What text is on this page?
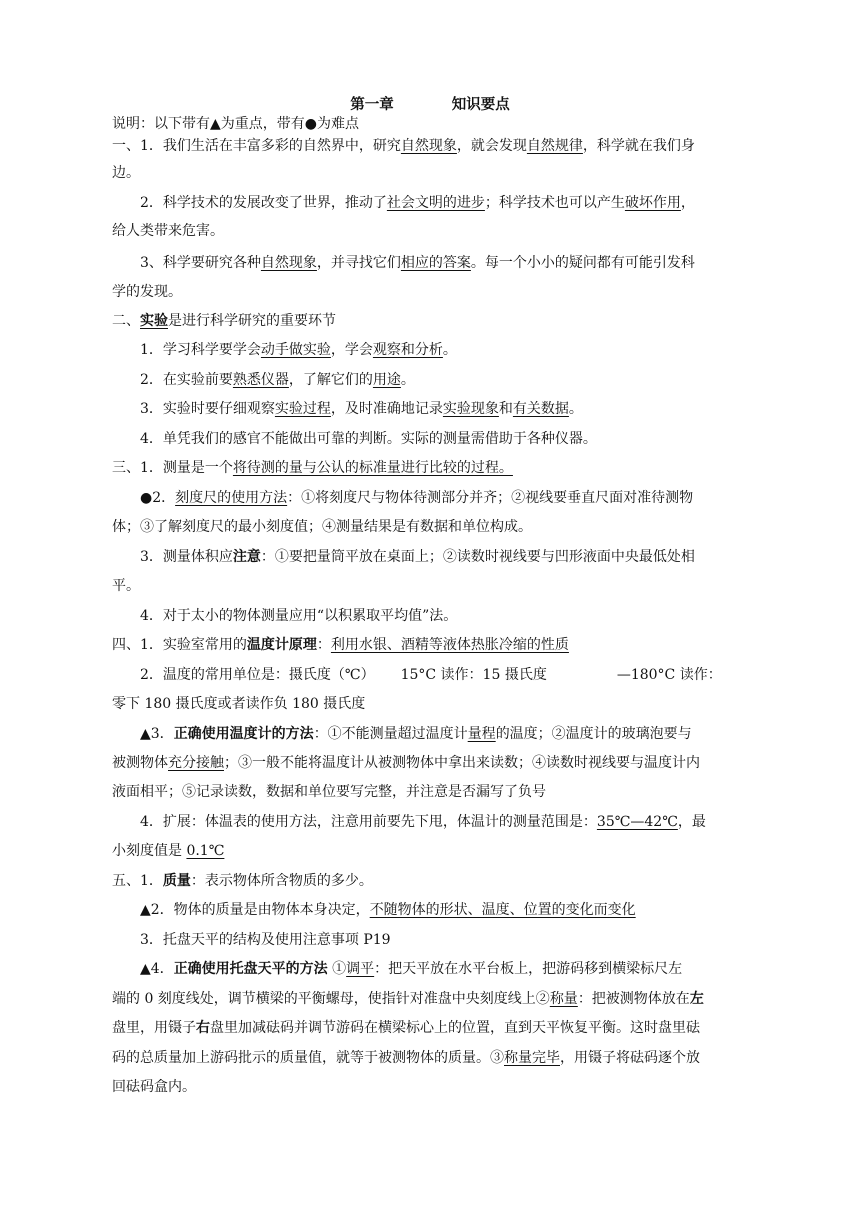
第一章	知识要点
说明：以下带有▲为重点，带有●为难点
一、1．我们生活在丰富多彩的自然界中，研究自然现象，就会发现自然规律，科学就在我们身
边。
2．科学技术的发展改变了世界，推动了社会文明的进步；科学技术也可以产生破坏作用，
给人类带来危害。
3、科学要研究各种自然现象，并寻找它们相应的答案。每一个小小的疑问都有可能引发科
学的发现。
二、实验是进行科学研究的重要环节
1．学习科学要学会动手做实验，学会观察和分析。
2．在实验前要熟悉仪器，了解它们的用途。
3．实验时要仔细观察实验过程，及时准确地记录实验现象和有关数据。
4．单凭我们的感官不能做出可靠的判断。实际的测量需借助于各种仪器。
三、1．测量是一个将待测的量与公认的标准量进行比较的过程。
●2．刻度尺的使用方法：①将刻度尺与物体待测部分并齐；②视线要垂直尺面对准待测物
体；③了解刻度尺的最小刻度值；④测量结果是有数据和单位构成。
3．测量体积应注意：①要把量筒平放在桌面上；②读数时视线要与凹形液面中央最低处相
平。
4．对于太小的物体测量应用“以积累取平均值”法。
四、1．实验室常用的温度计原理：利用水银、酒精等液体热胀冷缩的性质
2．温度的常用单位是：摄氏度（℃） 15°C 读作：15 摄氏度	—180°C 读作：
零下 180 摄氏度或者读作负 180 摄氏度
▲3．正确使用温度计的方法：①不能测量超过温度计量程的温度；②温度计的玻璃泡要与
被测物体充分接触；③一般不能将温度计从被测物体中拿出来读数；④读数时视线要与温度计内
液面相平；⑤记录读数，数据和单位要写完整，并注意是否漏写了负号
4．扩展：体温表的使用方法，注意用前要先下甩，体温计的测量范围是：35℃—42℃，最
小刻度值是 0.1℃
五、1．质量：表示物体所含物质的多少。
▲2．物体的质量是由物体本身决定，不随物体的形状、温度、位置的变化而变化
3．托盘天平的结构及使用注意事项 P19
▲4．正确使用托盘天平的方法 ①调平：把天平放在水平台板上，把游码移到横梁标尺左
端的 0 刻度线处，调节横梁的平衡螺母，使指针对准盘中央刻度线上②称量：把被测物体放在左
盘里，用镊子右盘里加减砝码并调节游码在横梁标心上的位置，直到天平恢复平衡。这时盘里砝
码的总质量加上游码批示的质量值，就等于被测物体的质量。③称量完毕，用镊子将砝码逐个放
回砝码盒内。
